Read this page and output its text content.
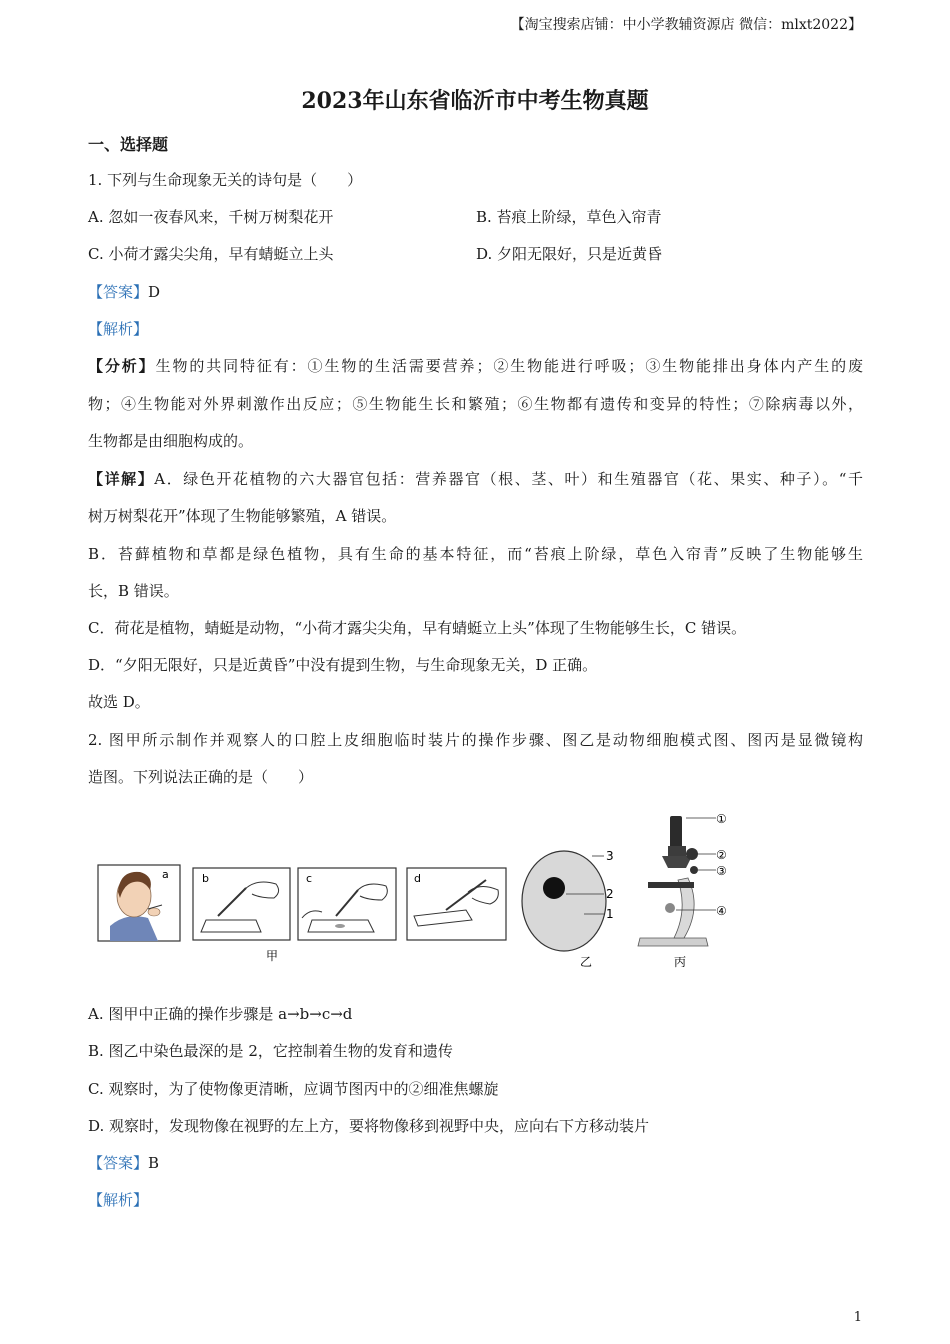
【淘宝搜索店铺：中小学教辅资源店 微信：mlxt2022】
2023年山东省临沂市中考生物真题
一、选择题
1. 下列与生命现象无关的诗句是（　　）
A. 忽如一夜春风来，千树万树梨花开	B. 苔痕上阶绿，草色入帘青
C. 小荷才露尖尖角，早有蜻蜓立上头	D. 夕阳无限好，只是近黄昏
【答案】D
【解析】
【分析】生物的共同特征有：①生物的生活需要营养；②生物能进行呼吸；③生物能排出身体内产生的废
物；④生物能对外界刺激作出反应；⑤生物能生长和繁殖；⑥生物都有遗传和变异的特性；⑦除病毒以外，
生物都是由细胞构成的。
【详解】A．绿色开花植物的六大器官包括：营养器官（根、茎、叶）和生殖器官（花、果实、种子）。“千
树万树梨花开”体现了生物能够繁殖，A 错误。
B．苔藓植物和草都是绿色植物，具有生命的基本特征，而“苔痕上阶绿，草色入帘青”反映了生物能够生
长，B 错误。
C．荷花是植物，蜻蜓是动物，“小荷才露尖尖角，早有蜻蜓立上头”体现了生物能够生长，C 错误。
D．“夕阳无限好，只是近黄昏”中没有提到生物，与生命现象无关，D 正确。
故选 D。
2. 图甲所示制作并观察人的口腔上皮细胞临时装片的操作步骤、图乙是动物细胞模式图、图丙是显微镜构
造图。下列说法正确的是（　　）
a	b	c	d
甲
3
2
1
乙
①
②
③
④
丙
A. 图甲中正确的操作步骤是 a→b→c→d
B. 图乙中染色最深的是 2，它控制着生物的发育和遗传
C. 观察时，为了使物像更清晰，应调节图丙中的②细准焦螺旋
D. 观察时，发现物像在视野的左上方，要将物像移到视野中央，应向右下方移动装片
【答案】B
【解析】
1
